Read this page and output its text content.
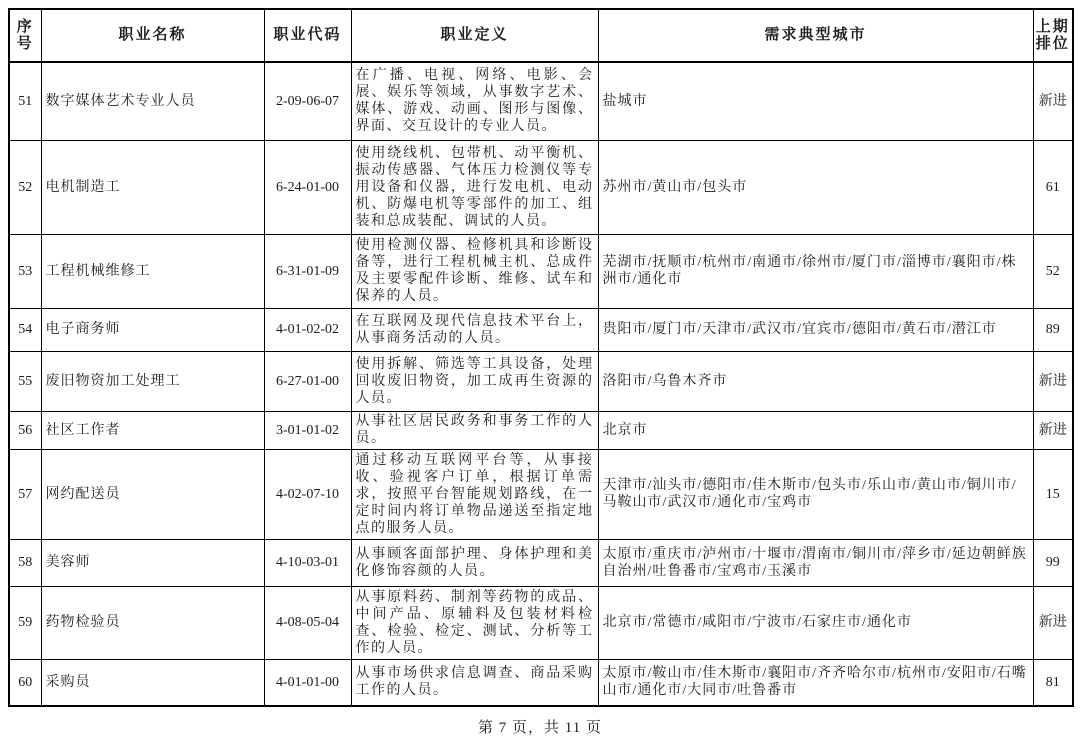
序号	职业名称	职业代码	职业定义	需求典型城市	上期排位
51	数字媒体艺术专业人员	2-09-06-07	在广播、电视、网络、电影、会展、娱乐等领域，从事数字艺术、媒体、游戏、动画、图形与图像、界面、交互设计的专业人员。	盐城市	新进
52	电机制造工	6-24-01-00	使用绕线机、包带机、动平衡机、振动传感器、气体压力检测仪等专用设备和仪器，进行发电机、电动机、防爆电机等零部件的加工、组装和总成装配、调试的人员。	苏州市/黄山市/包头市	61
53	工程机械维修工	6-31-01-09	使用检测仪器、检修机具和诊断设备等，进行工程机械主机、总成件及主要零配件诊断、维修、试车和保养的人员。	芜湖市/抚顺市/杭州市/南通市/徐州市/厦门市/淄博市/襄阳市/株洲市/通化市	52
54	电子商务师	4-01-02-02	在互联网及现代信息技术平台上，从事商务活动的人员。	贵阳市/厦门市/天津市/武汉市/宜宾市/德阳市/黄石市/潜江市	89
55	废旧物资加工处理工	6-27-01-00	使用拆解、筛选等工具设备，处理回收废旧物资，加工成再生资源的人员。	洛阳市/乌鲁木齐市	新进
56	社区工作者	3-01-01-02	从事社区居民政务和事务工作的人员。	北京市	新进
57	网约配送员	4-02-07-10	通过移动互联网平台等，从事接收、验视客户订单，根据订单需求，按照平台智能规划路线，在一定时间内将订单物品递送至指定地点的服务人员。	天津市/汕头市/德阳市/佳木斯市/包头市/乐山市/黄山市/铜川市/马鞍山市/武汉市/通化市/宝鸡市	15
58	美容师	4-10-03-01	从事顾客面部护理、身体护理和美化修饰容颜的人员。	太原市/重庆市/泸州市/十堰市/渭南市/铜川市/萍乡市/延边朝鲜族自治州/吐鲁番市/宝鸡市/玉溪市	99
59	药物检验员	4-08-05-04	从事原料药、制剂等药物的成品、中间产品、原辅料及包装材料检查、检验、检定、测试、分析等工作的人员。	北京市/常德市/咸阳市/宁波市/石家庄市/通化市	新进
60	采购员	4-01-01-00	从事市场供求信息调查、商品采购工作的人员。	太原市/鞍山市/佳木斯市/襄阳市/齐齐哈尔市/杭州市/安阳市/石嘴山市/通化市/大同市/吐鲁番市	81
第 7 页，共 11 页
